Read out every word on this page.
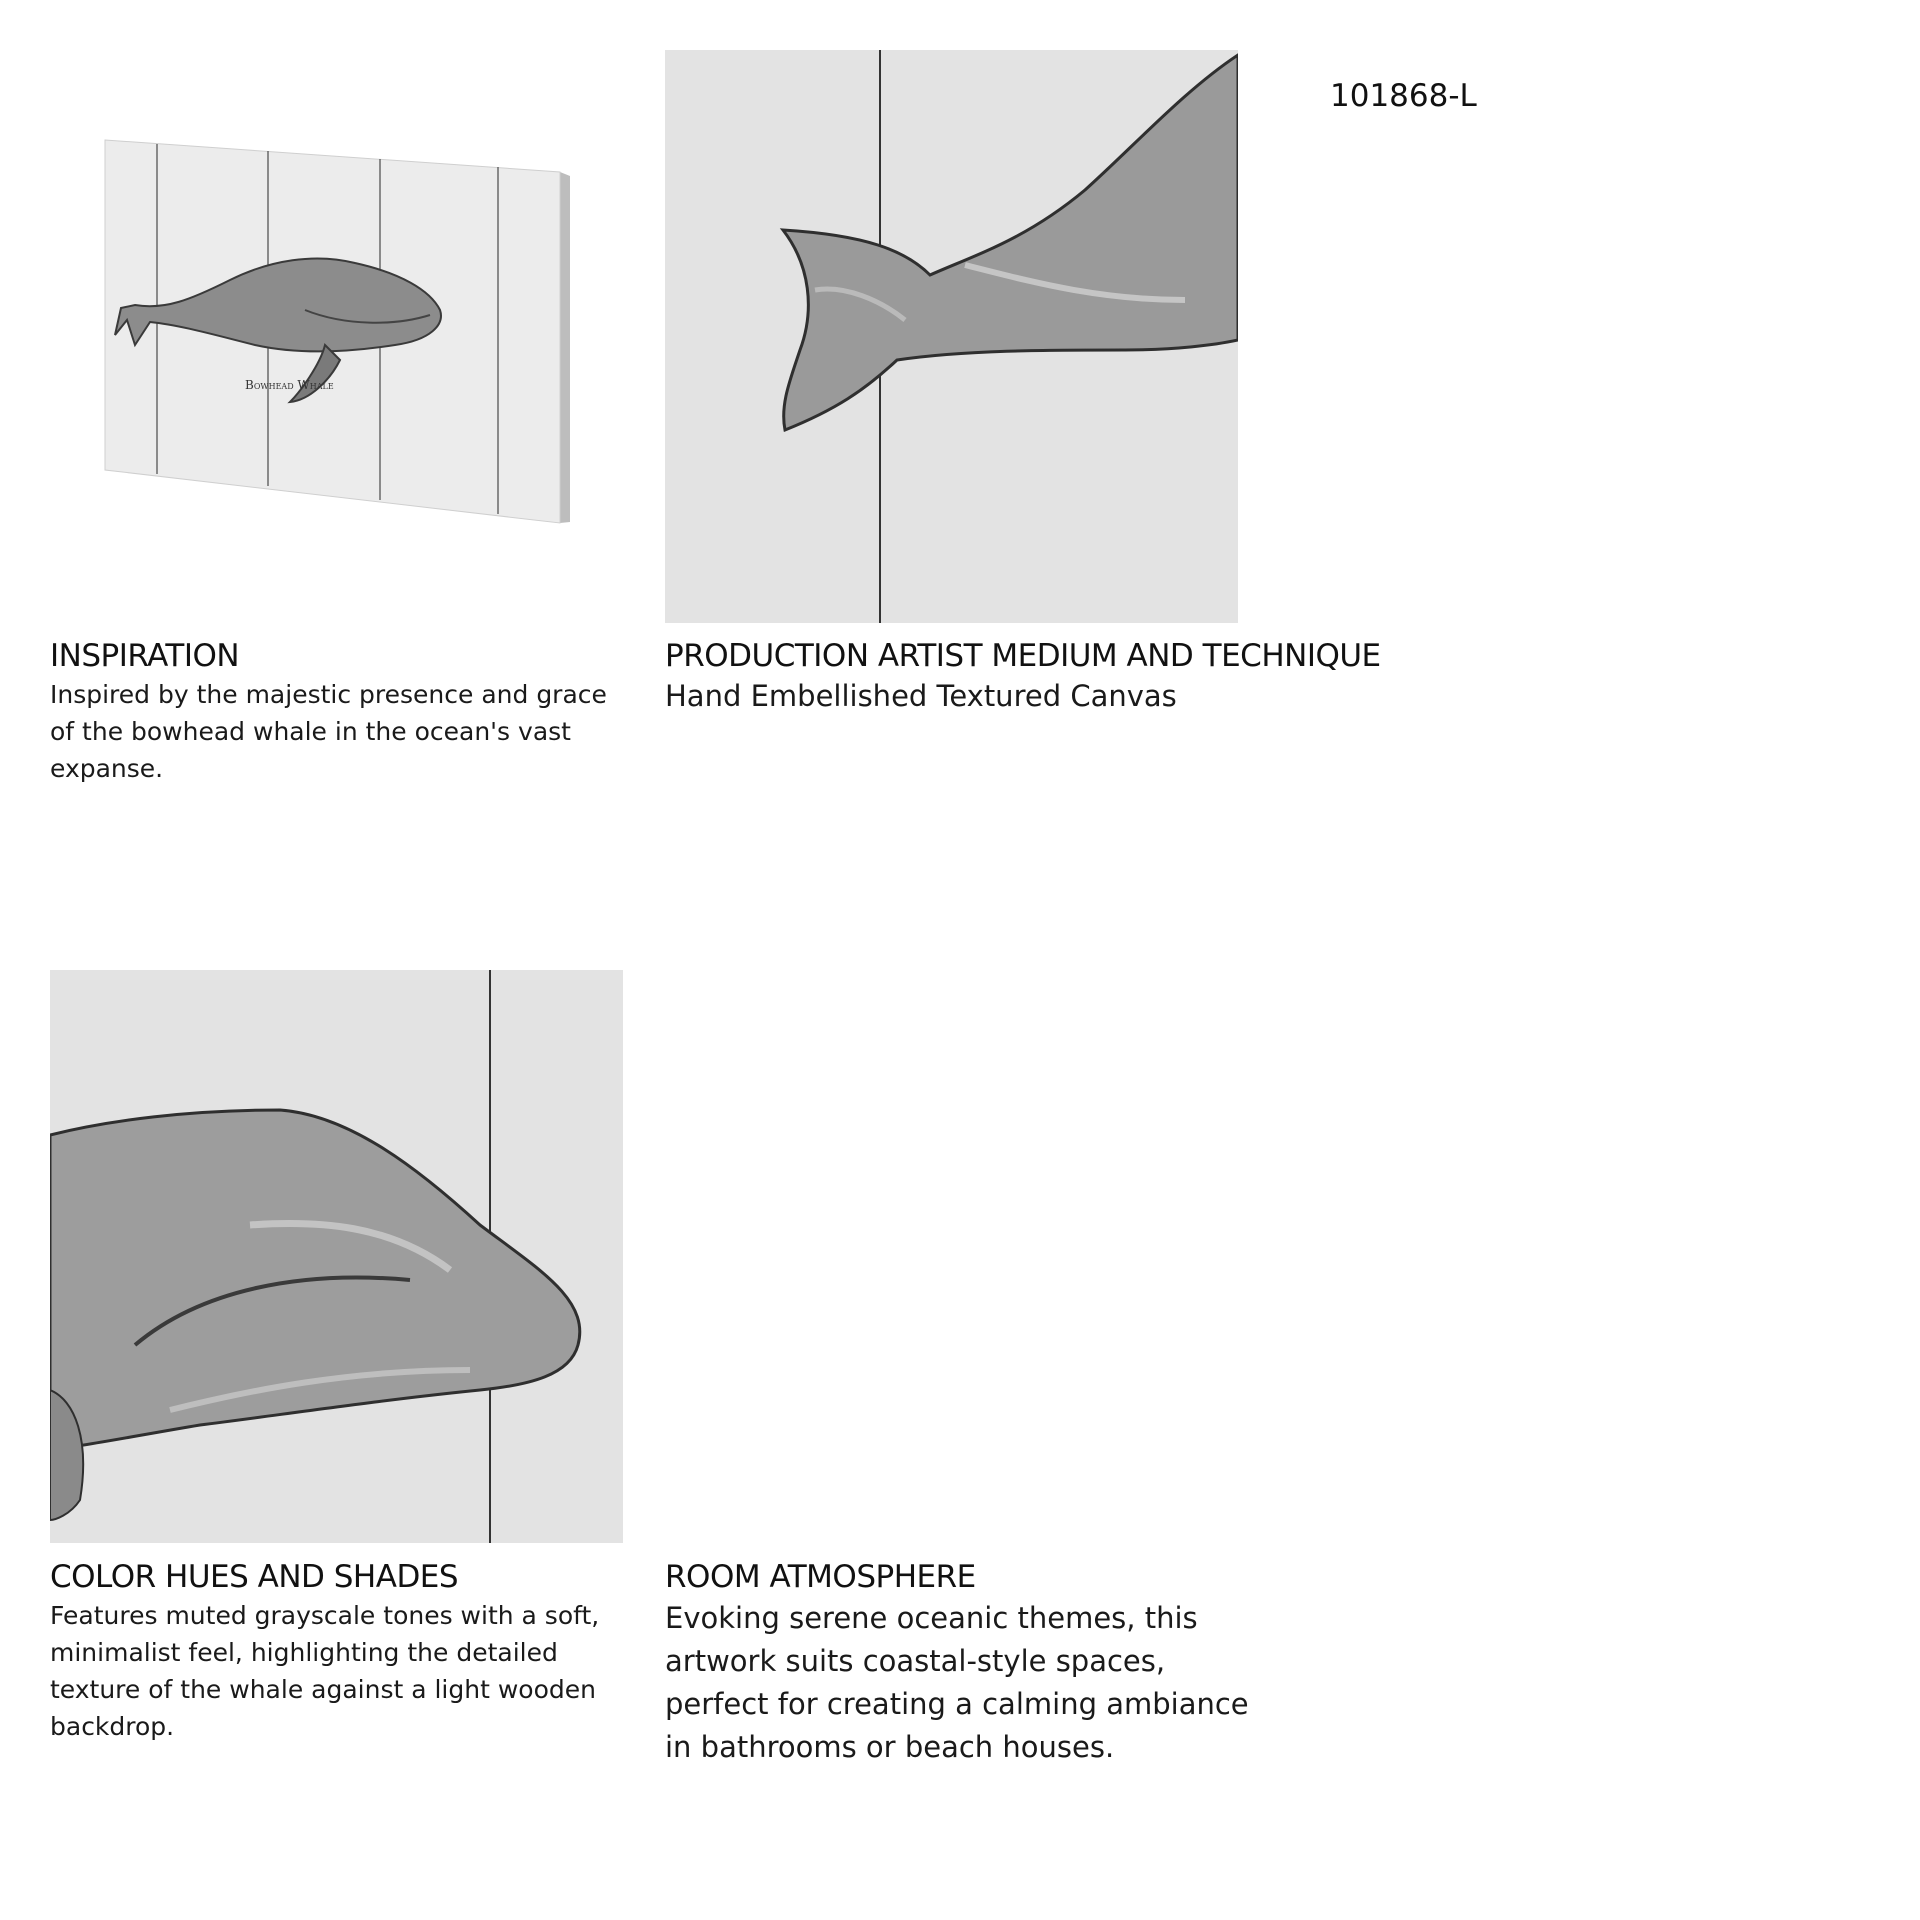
Bowhead Whale
101868-L
INSPIRATION

Inspired by the majestic presence and grace of the bowhead whale in the ocean's vast expanse.

PRODUCTION ARTIST MEDIUM AND TECHNIQUE

Hand Embellished Textured Canvas

COLOR HUES AND SHADES

Features muted grayscale tones with a soft, minimalist feel, highlighting the detailed texture of the whale against a light wooden backdrop.

ROOM ATMOSPHERE

Evoking serene oceanic themes, this artwork suits coastal-style spaces, perfect for creating a calming ambiance in bathrooms or beach houses.
